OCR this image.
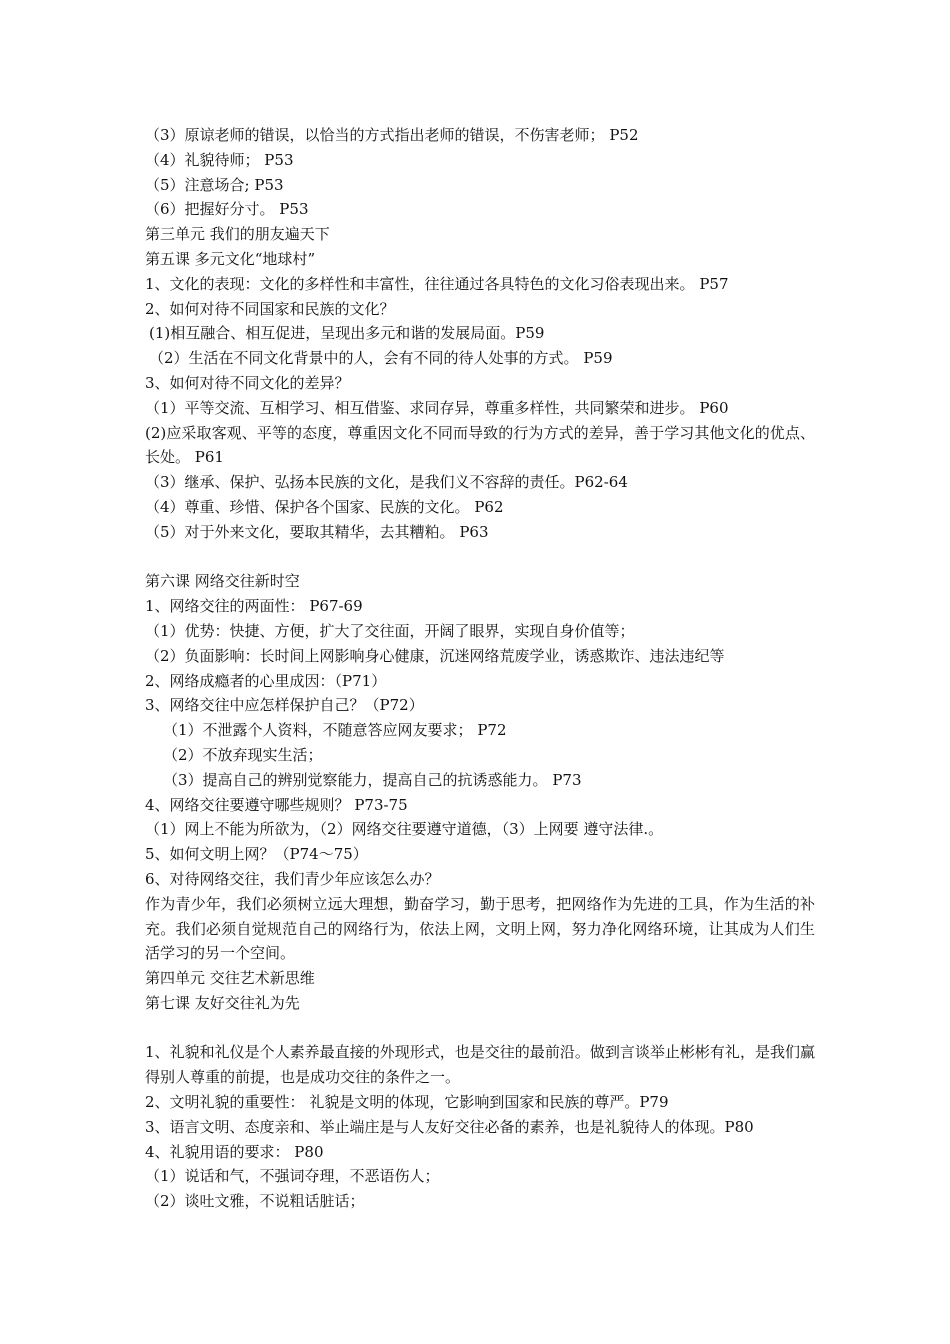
（3）原谅老师的错误，以恰当的方式指出老师的错误，不伤害老师； P52

（4）礼貌待师； P53

（5）注意场合; P53

（6）把握好分寸。 P53

第三单元 我们的朋友遍天下

第五课 多元文化“地球村”

1、文化的表现：文化的多样性和丰富性，往往通过各具特色的文化习俗表现出来。 P57

2、如何对待不同国家和民族的文化？

(1)相互融合、相互促进，呈现出多元和谐的发展局面。P59

（2）生活在不同文化背景中的人，会有不同的待人处事的方式。 P59

3、如何对待不同文化的差异？

（1）平等交流、互相学习、相互借鉴、求同存异，尊重多样性，共同繁荣和进步。 P60

(2)应采取客观、平等的态度，尊重因文化不同而导致的行为方式的差异，善于学习其他文化的优点、长处。 P61

（3）继承、保护、弘扬本民族的文化，是我们义不容辞的责任。P62-64

（4）尊重、珍惜、保护各个国家、民族的文化。 P62

（5）对于外来文化，要取其精华，去其糟粕。 P63

第六课 网络交往新时空

1、网络交往的两面性： P67-69

（1）优势：快捷、方便，扩大了交往面，开阔了眼界，实现自身价值等；

（2）负面影响：长时间上网影响身心健康，沉迷网络荒废学业，诱惑欺诈、违法违纪等

2、网络成瘾者的心里成因：（P71）

3、网络交往中应怎样保护自己？（P72）

（1）不泄露个人资料，不随意答应网友要求； P72

（2）不放弃现实生活；

（3）提高自己的辨别觉察能力，提高自己的抗诱惑能力。 P73

4、网络交往要遵守哪些规则？ P73-75

（1）网上不能为所欲为，（2）网络交往要遵守道德，（3）上网要 遵守法律.。

5、如何文明上网？（P74～75）

6、对待网络交往，我们青少年应该怎么办？

作为青少年，我们必须树立远大理想，勤奋学习，勤于思考，把网络作为先进的工具，作为生活的补充。我们必须自觉规范自己的网络行为，依法上网，文明上网，努力净化网络环境，让其成为人们生活学习的另一个空间。

第四单元 交往艺术新思维

第七课 友好交往礼为先

1、礼貌和礼仪是个人素养最直接的外现形式，也是交往的最前沿。做到言谈举止彬彬有礼，是我们赢得别人尊重的前提，也是成功交往的条件之一。

2、文明礼貌的重要性： 礼貌是文明的体现，它影响到国家和民族的尊严。P79

3、语言文明、态度亲和、举止端庄是与人友好交往必备的素养，也是礼貌待人的体现。P80

4、礼貌用语的要求： P80

（1）说话和气，不强词夺理，不恶语伤人；

（2）谈吐文雅，不说粗话脏话；
